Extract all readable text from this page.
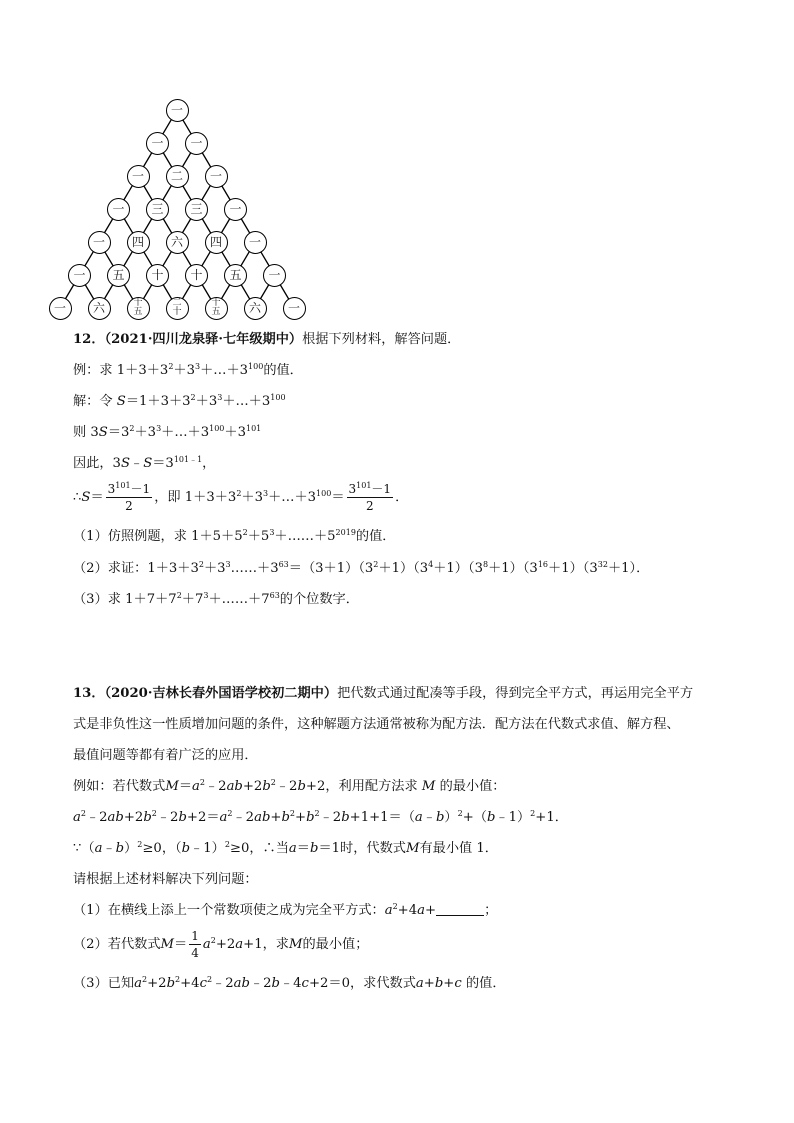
一
一	一
一	二	一
一	三	三	一
一	四	六	四	一
一	五	十	十	五	一
一	六	十
五
二
十
十
五	六	一
12．（2021·四川龙泉驿·七年级期中）根据下列材料，解答问题．
例：求 $1+3+3^2+3^3+\dots+3^{100}$的值．
解：令 $S=1+3+3^2+3^3+\dots+3^{100}$
则 $3S=3^2+3^3+\dots+3^{100}+3^{101}$
因此，$3S﹣S=3^{101﹣1}$，
∴S＝ $\frac{3^{101}-1}{2}$ ，即 $1+3+3^2+3^3+\dots+3^{100}= \frac{3^{101}-1}{2}$ ．
（1）仿照例题，求 $1+5+5^2+5^3+\dots\dots+5^{2019}$的值．
（2）求证：$1+3+3^2+3^3\dots\dots+3^{63}=(3+1)(3^2+1)(3^4+1)(3^8+1)(3^{16}+1)(3^{32}+1)$．
（3）求 $1+7+7^2+7^3+\dots\dots+7^{63}$的个位数字．
13．（2020·吉林长春外国语学校初二期中）把代数式通过配凑等手段，得到完全平方式，再运用完全平方
式是非负性这一性质增加问题的条件，这种解题方法通常被称为配方法．配方法在代数式求值、解方程、
最值问题等都有着广泛的应用．
例如：若代数式$M=a^2﹣2ab+2b^2﹣2b+2$，利用配方法求 M 的最小值：
$a^2﹣2ab+2b^2﹣2b+2=a^2﹣2ab+b^2+b^2﹣2b+1+1=(a﹣b)^2+(b﹣1)^2+1$．
∵（a﹣b）$^2$≥0，（b﹣1）$^2$≥0，∴当a＝b＝1时，代数式M有最小值 1．
请根据上述材料解决下列问题：
（1）在横线上添上一个常数项使之成为完全平方式：$a^2+4a+$	；
（2）若代数式$M= \frac{1}{4} a^2+2a+1$，求M的最小值；
（3）已知$a^2+2b^2+4c^2﹣2ab﹣2b﹣4c+2=0$，求代数式a+b+c 的值．
